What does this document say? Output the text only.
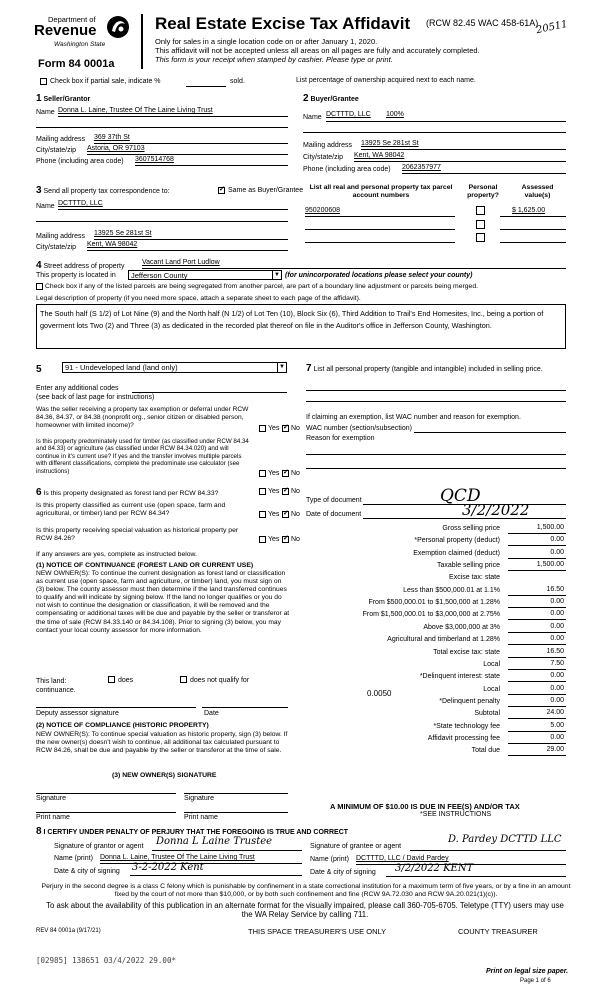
Department of
Revenue
Washington State
Form 84 0001a
Real Estate Excise Tax Affidavit (RCW 82.45 WAC 458-61A)
20511
Only for sales in a single location code on or after January 1, 2020.
This affidavit will not be accepted unless all areas on all pages are fully and accurately completed.
This form is your receipt when stamped by cashier. Please type or print.
Check box if partial sale, indicate %	sold.	List percentage of ownership acquired next to each name.
1 Seller/Grantor
Name Donna L. Laine, Trustee Of The Laine Living Trust
Mailing address 369 37th St
City/state/zip Astoria, OR 97103
Phone (including area code) 3607514768
2 Buyer/Grantee
Name DCTTTD, LLC 100%
Mailing address 13925 Se 281st St
City/state/zip Kent, WA 98042
Phone (including area code) 2062357977
3 Send all property tax correspondence to: ✓	Same as Buyer/Grantee
Name DCTTTD, LLC
Mailing address 13925 Se 281st St
City/state/zip Kent, WA 98042
List all real and personal property tax parcel account numbers
Personal property?
Assessed value(s)
950200608	$ 1,625.00
4 Street address of property
Vacant Land Port Ludlow
This property is located in	Jefferson County	▼ (for unincorporated locations please select your county)
Check box if any of the listed parcels are being segregated from another parcel, are part of a boundary line adjustment or parcels being merged.
Legal description of property (if you need more space, attach a separate sheet to each page of the affidavit).
The South half (S 1/2) of Lot Nine (9) and the North half (N 1/2) of Lot Ten (10), Block Six (6), Third Addition to Trail's End Homesites, Inc., being a portion of goverment lots Two (2) and Three (3) as dedicated in the recorded plat thereof on file in the Auditor's office in Jefferson County, Washington.
5	91 - Undeveloped land (land only)	▼
Enter any additional codes
(see back of last page for instructions)
Was the seller receiving a property tax exemption or deferral under RCW 84.36, 84.37, or 84.38 (nonprofit org., senior citizen or disabled person, homeowner with limited income)?	Yes ✓ No
Is this property predominately used for timber (as classified under RCW 84.34 and 84.33) or agriculture (as classified under RCW 84.34.020) and will continue in it's current use? If yes and the transfer involves multiple parcels with different classifications, complete the predominate use calculator (see instructions)	Yes ✓ No
6 Is this property designated as forest land per RCW 84.33?	Yes ✓ No
Is this property classified as current use (open space, farm and agricultural, or timber) land per RCW 84.34?	Yes ✓ No
Is this property receiving special valuation as historical property per RCW 84.26?	Yes ✓ No
If any answers are yes, complete as instructed below.
(1) NOTICE OF CONTINUANCE (FOREST LAND OR CURRENT USE)
NEW OWNER(S): To continue the current designation as forest land or classification as current use (open space, farm and agriculture, or timber) land, you must sign on (3) below. The county assessor must then determine if the land transferred continues to qualify and will indicate by signing below. If the land no longer qualifies or you do not wish to continue the designation or classification, it will be removed and the compensating or additional taxes will be due and payable by the seller or transferor at the time of sale (RCW 84.33.140 or 84.34.108). Prior to signing (3) below, you may contact your local county assessor for more information.
This land:	does	does not qualify for
continuance.
Deputy assessor signature	Date
(2) NOTICE OF COMPLIANCE (HISTORIC PROPERTY)
NEW OWNER(S): To continue special valuation as historic property, sign (3) below. If the new owner(s) doesn't wish to continue, all additional tax calculated pursuant to RCW 84.26, shall be due and payable by the seller or transferor at the time of sale.
(3) NEW OWNER(S) SIGNATURE
Signature	Signature
Print name	Print name
7 List all personal property (tangible and intangible) included in selling price.
If claiming an exemption, list WAC number and reason for exemption.
WAC number (section/subsection)
Reason for exemption
Type of document	QCD
Date of document	3/2/2022
Gross selling price	1,500.00
*Personal property (deduct)	0.00
Exemption claimed (deduct)	0.00
Taxable selling price	1,500.00
Excise tax: state
Less than $500,000.01 at 1.1%	16.50
From $500,000.01 to $1,500,000 at 1.28%	0.00
From $1,500,000.01 to $3,000,000 at 2.75%	0.00
Above $3,000,000 at 3%	0.00
Agricultural and timberland at 1.28%	0.00
Total excise tax: state	16.50
Local	7.50
*Delinquent interest: state	0.00
Local	0.00
*Delinquent penalty	0.00
Subtotal	24.00
*State technology fee	5.00
Affidavit processing fee	0.00
Total due	29.00
0.0050
A MINIMUM OF $10.00 IS DUE IN FEE(S) AND/OR TAX
*SEE INSTRUCTIONS
8 I CERTIFY UNDER PENALTY OF PERJURY THAT THE FOREGOING IS TRUE AND CORRECT
Signature of grantor or agent Donna L Laine Trustee
Name (print) Donna L. Laine, Trustee Of The Laine Living Trust
Date & city of signing 3-2-2022 Kent
Signature of grantee or agent
D. Pardey DCTTD LLC
Name (print) DCTTTD, LLC / David Pardey
Date & city of signing 3/2/2022 KENT
Perjury in the second degree is a class C felony which is punishable by confinement in a state correctional institution for a maximum term of five years, or by a fine in an amount fixed by the court of not more than $10,000, or by both such confinement and fine (RCW 9A.72.030 and RCW 9A.20.021(1)(c)).
To ask about the availability of this publication in an alternate format for the visually impaired, please call 360-705-6705. Teletype (TTY) users may use the WA Relay Service by calling 711.
REV 84 0001a (9/17/21)	THIS SPACE TREASURER'S USE ONLY	COUNTY TREASURER
[02985] 138651 03/4/2022 29.00*
Print on legal size paper.
Page 1 of 6
